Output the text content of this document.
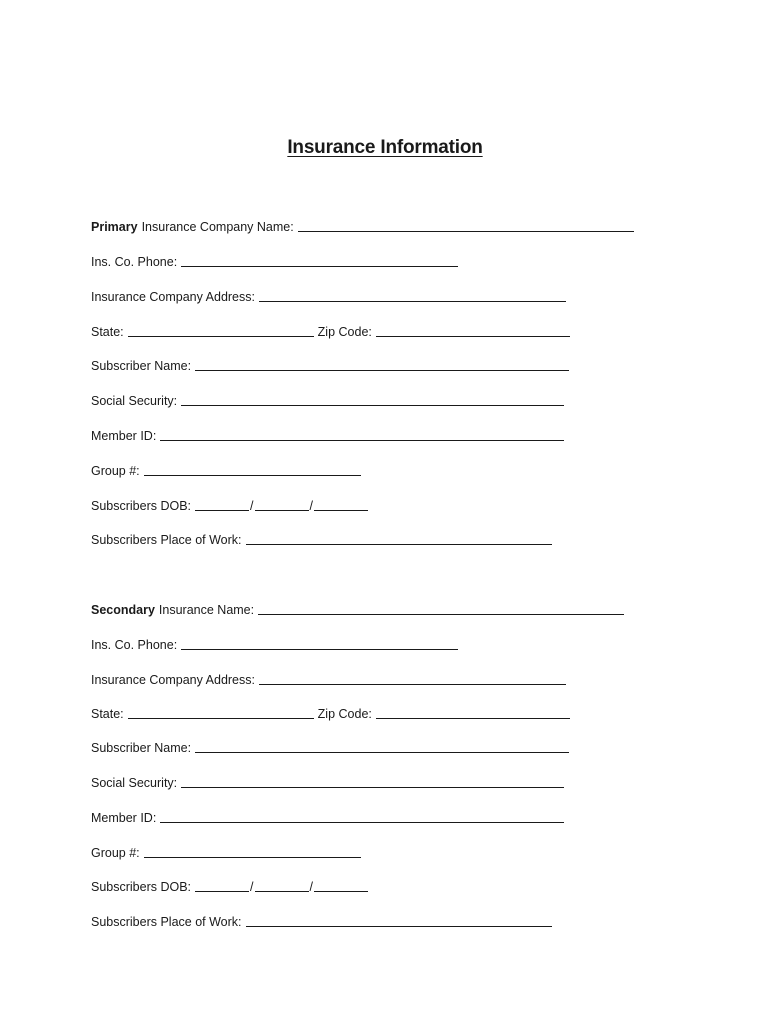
Insurance Information
Primary Insurance Company Name:
Ins. Co. Phone:
Insurance Company Address:
State:	Zip Code:
Subscriber Name:
Social Security:
Member ID:
Group #:
Subscribers DOB:	/	/
Subscribers Place of Work:
Secondary Insurance Name:
Ins. Co. Phone:
Insurance Company Address:
State:	Zip Code:
Subscriber Name:
Social Security:
Member ID:
Group #:
Subscribers DOB:	/	/
Subscribers Place of Work:
